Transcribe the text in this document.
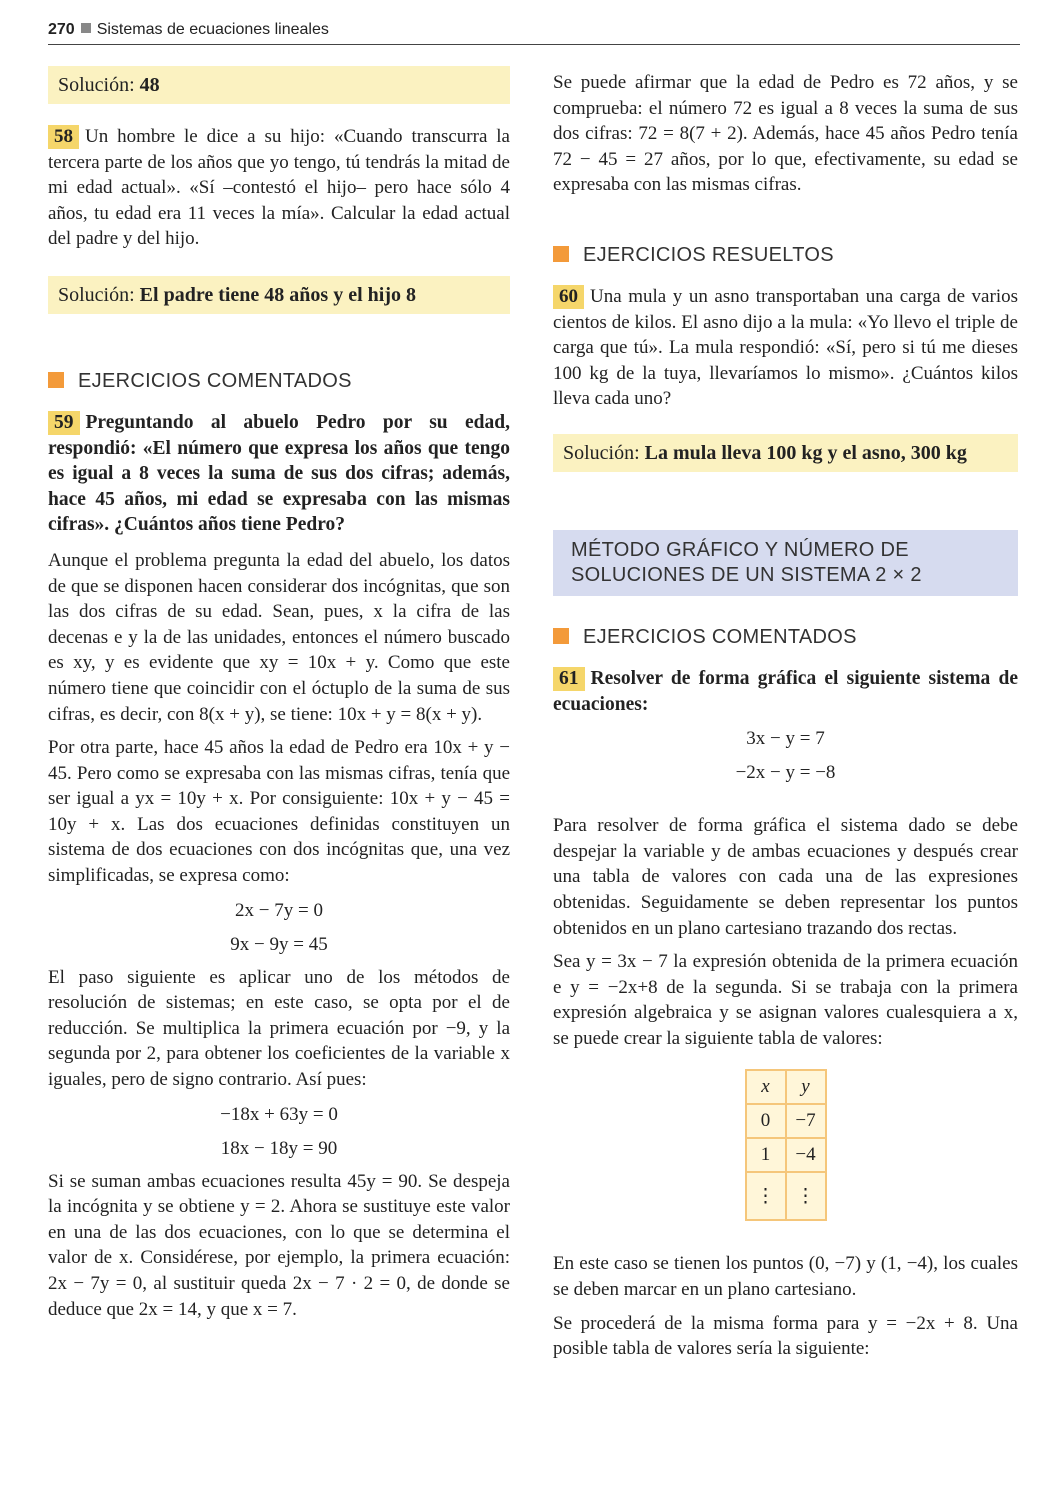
270 Sistemas de ecuaciones lineales
Solución: 48

58 Un hombre le dice a su hijo: «Cuando transcurra la tercera parte de los años que yo tengo, tú tendrás la mitad de mi edad actual». «Sí –contestó el hijo– pero hace sólo 4 años, tu edad era 11 veces la mía». Calcular la edad actual del padre y del hijo.

Solución: El padre tiene 48 años y el hijo 8
EJERCICIOS COMENTADOS

59 Preguntando al abuelo Pedro por su edad, respondió: «El número que expresa los años que tengo es igual a 8 veces la suma de sus dos cifras; además, hace 45 años, mi edad se expresaba con las mismas cifras». ¿Cuántos años tiene Pedro?

Aunque el problema pregunta la edad del abuelo, los datos de que se disponen hacen considerar dos incógnitas, que son las dos cifras de su edad. Sean, pues, x la cifra de las decenas e y la de las unidades, entonces el número buscado es xy, y es evidente que xy = 10x + y. Como que este número tiene que coincidir con el óctuplo de la suma de sus cifras, es decir, con 8(x + y), se tiene: 10x + y = 8(x + y).

Por otra parte, hace 45 años la edad de Pedro era 10x + y − 45. Pero como se expresaba con las mismas cifras, tenía que ser igual a yx = 10y + x. Por consiguiente: 10x + y − 45 = 10y + x. Las dos ecuaciones definidas constituyen un sistema de dos ecuaciones con dos incógnitas que, una vez simplificadas, se expresa como:

2x − 7y = 0
9x − 9y = 45

El paso siguiente es aplicar uno de los métodos de resolución de sistemas; en este caso, se opta por el de reducción. Se multiplica la primera ecuación por −9, y la segunda por 2, para obtener los coeficientes de la variable x iguales, pero de signo contrario. Así pues:

−18x + 63y = 0
18x − 18y = 90

Si se suman ambas ecuaciones resulta 45y = 90. Se despeja la incógnita y se obtiene y = 2. Ahora se sustituye este valor en una de las dos ecuaciones, con lo que se determina el valor de x. Considérese, por ejemplo, la primera ecuación: 2x − 7y = 0, al sustituir queda 2x − 7 · 2 = 0, de donde se deduce que 2x = 14, y que x = 7.

Se puede afirmar que la edad de Pedro es 72 años, y se comprueba: el número 72 es igual a 8 veces la suma de sus dos cifras: 72 = 8(7 + 2). Además, hace 45 años Pedro tenía 72 − 45 = 27 años, por lo que, efectivamente, su edad se expresaba con las mismas cifras.

EJERCICIOS RESUELTOS

60 Una mula y un asno transportaban una carga de varios cientos de kilos. El asno dijo a la mula: «Yo llevo el triple de carga que tú». La mula respondió: «Sí, pero si tú me dieses 100 kg de la tuya, llevaríamos lo mismo». ¿Cuántos kilos lleva cada uno?

Solución: La mula lleva 100 kg y el asno, 300 kg
MÉTODO GRÁFICO Y NÚMERO DE
SOLUCIONES DE UN SISTEMA 2 × 2
EJERCICIOS COMENTADOS

61 Resolver de forma gráfica el siguiente sistema de ecuaciones:

3x − y = 7
−2x − y = −8

Para resolver de forma gráfica el sistema dado se debe despejar la variable y de ambas ecuaciones y después crear una tabla de valores con cada una de las expresiones obtenidas. Seguidamente se deben representar los puntos obtenidos en un plano cartesiano trazando dos rectas.

Sea y = 3x − 7 la expresión obtenida de la primera ecuación e y = −2x+8 de la segunda. Si se trabaja con la primera expresión algebraica y se asignan valores cualesquiera a x, se puede crear la siguiente tabla de valores:

x	y
0	−7
1	−4
⋮	⋮

En este caso se tienen los puntos (0, −7) y (1, −4), los cuales se deben marcar en un plano cartesiano.

Se procederá de la misma forma para y = −2x + 8. Una posible tabla de valores sería la siguiente:
